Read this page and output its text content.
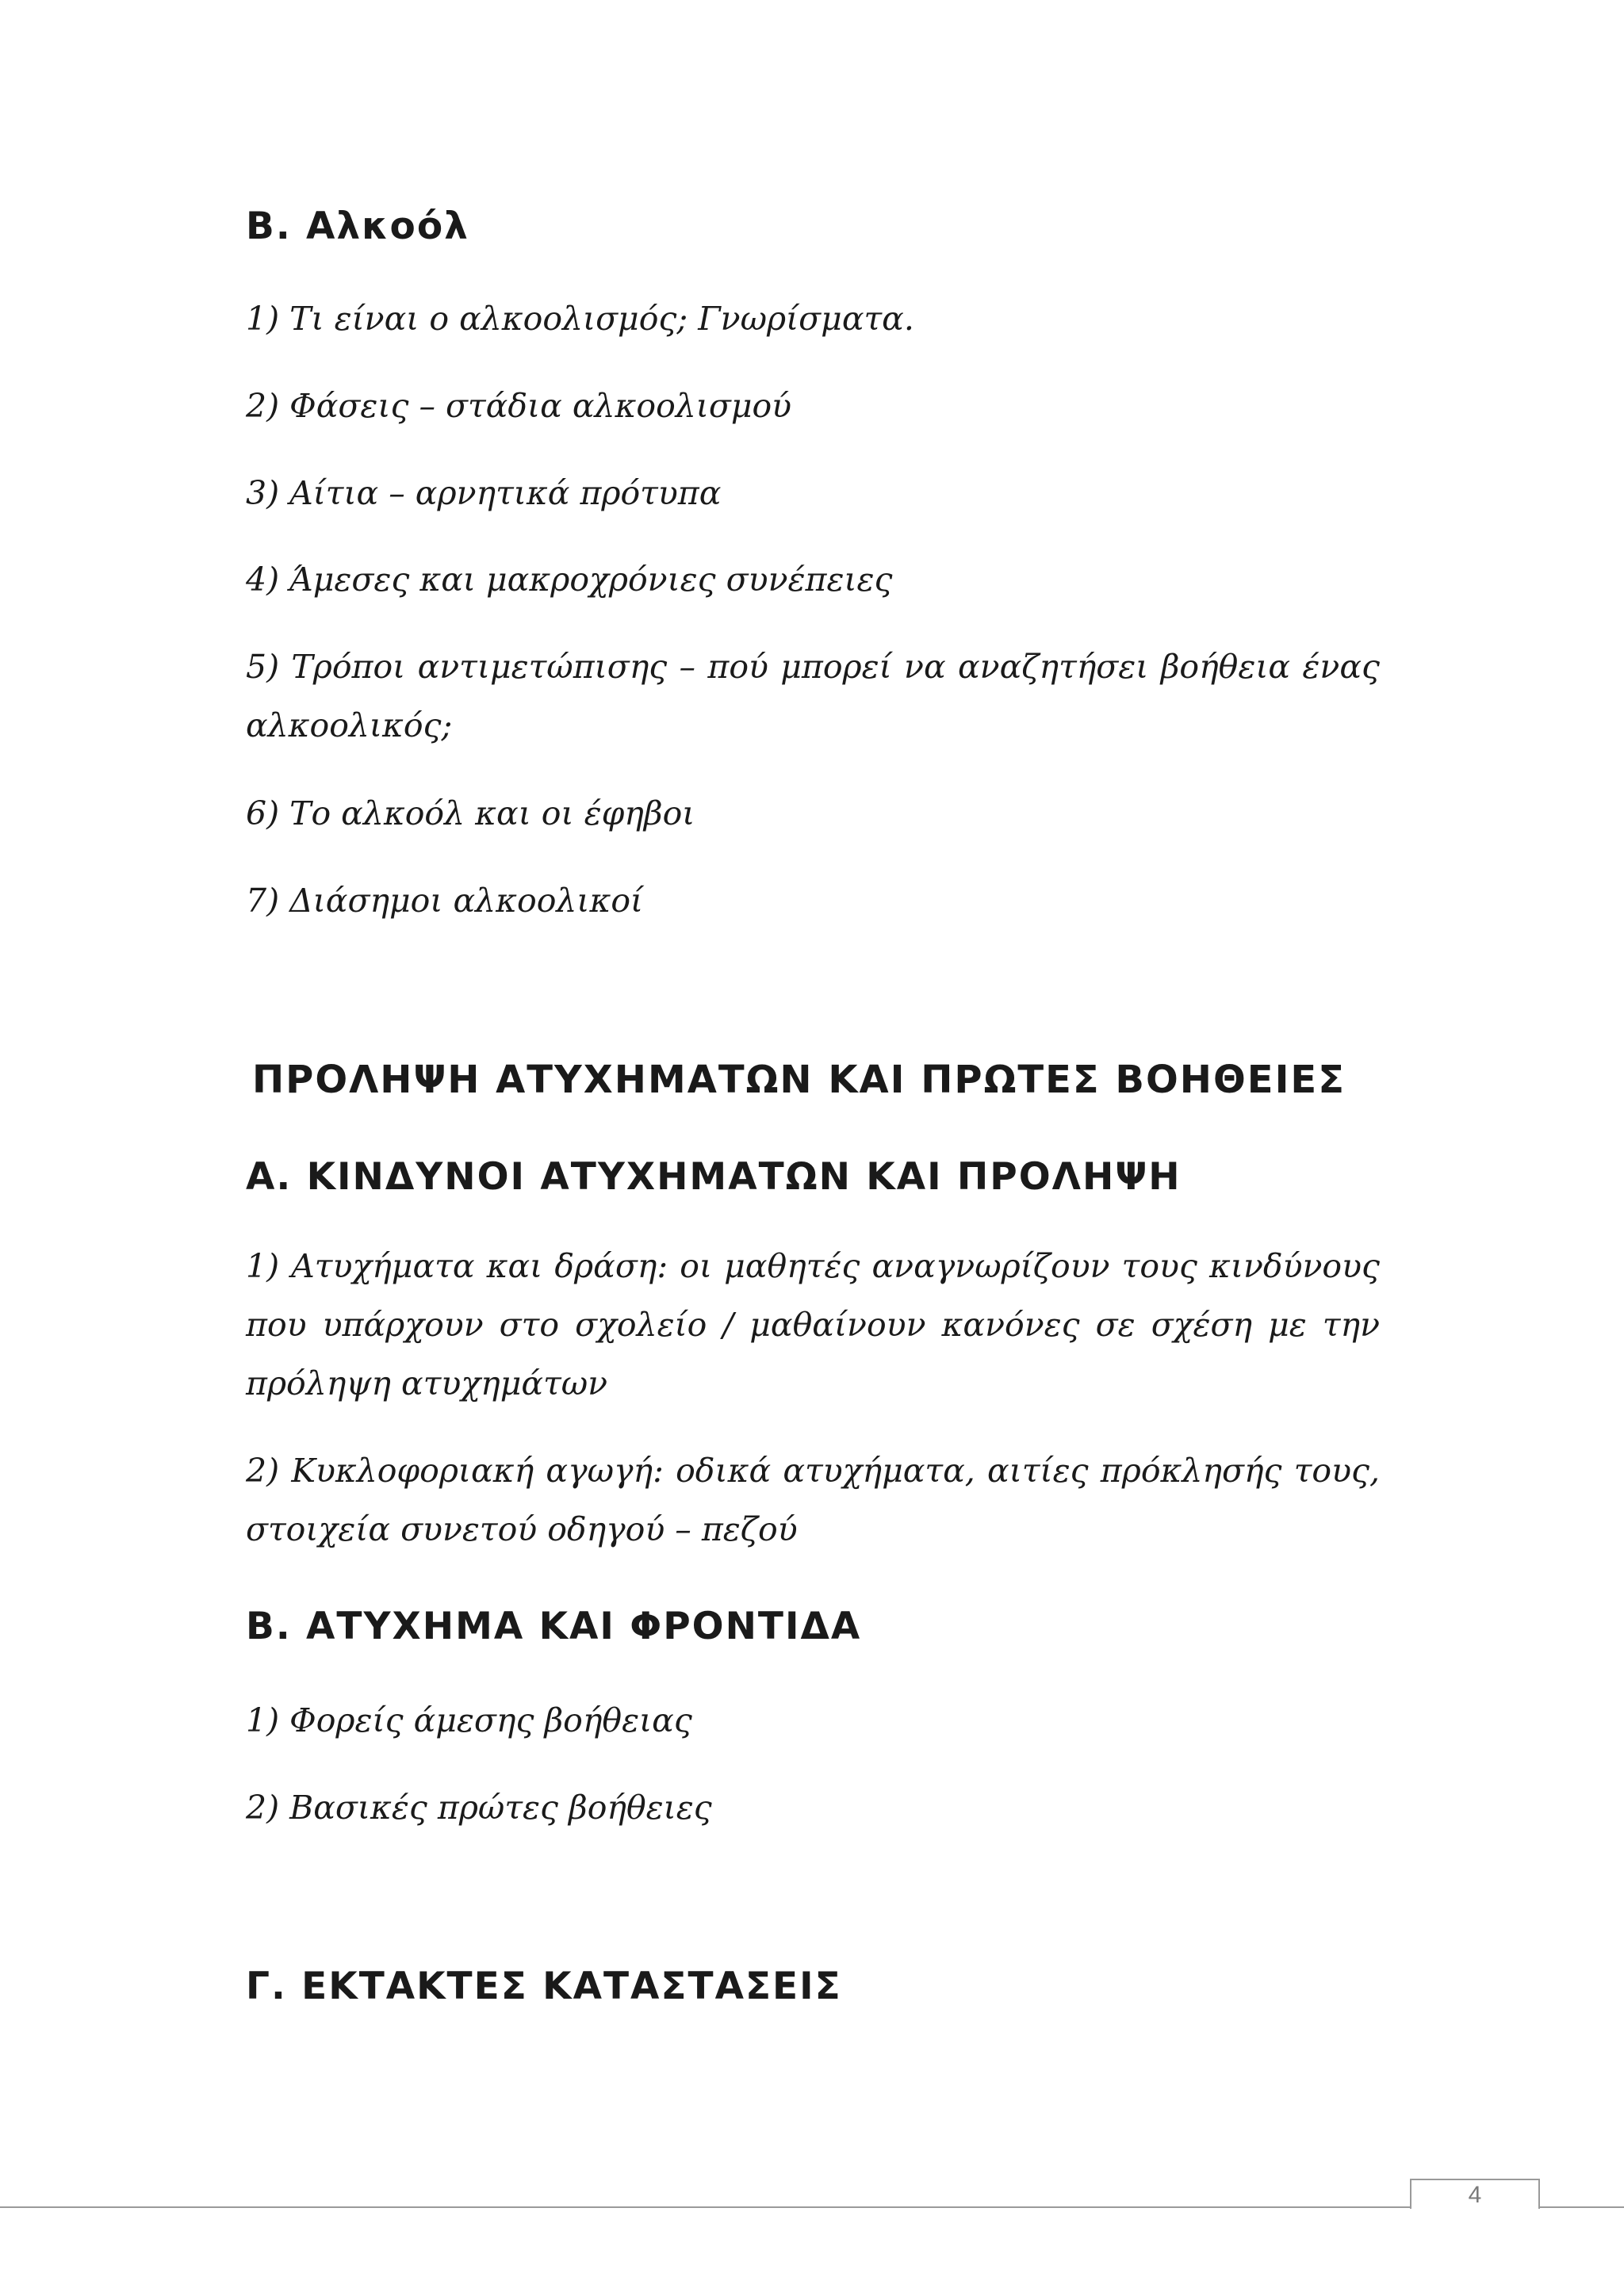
Β. Αλκοόλ

1) Τι είναι ο αλκοολισμός; Γνωρίσματα.

2) Φάσεις – στάδια αλκοολισμού

3) Αίτια – αρνητικά πρότυπα

4) Άμεσες και μακροχρόνιες συνέπειες

5) Τρόποι αντιμετώπισης – πού μπορεί να αναζητήσει βοήθεια ένας αλκοολικός;

6) Το αλκοόλ και οι έφηβοι

7) Διάσημοι αλκοολικοί

ΠΡΟΛΗΨΗ ΑΤΥΧΗΜΑΤΩΝ ΚΑΙ ΠΡΩΤΕΣ ΒΟΗΘΕΙΕΣ
Α. ΚΙΝΔΥΝΟΙ ΑΤΥΧΗΜΑΤΩΝ ΚΑΙ ΠΡΟΛΗΨΗ

1) Ατυχήματα και δράση: οι μαθητές αναγνωρίζουν τους κινδύνους που υπάρχουν στο σχολείο / μαθαίνουν κανόνες σε σχέση με την πρόληψη ατυχημάτων

2) Κυκλοφοριακή αγωγή: οδικά ατυχήματα, αιτίες πρόκλησής τους, στοιχεία συνετού οδηγού – πεζού

Β. ΑΤΥΧΗΜΑ ΚΑΙ ΦΡΟΝΤΙΔΑ

1) Φορείς άμεσης βοήθειας

2) Βασικές πρώτες βοήθειες

Γ. ΕΚΤΑΚΤΕΣ ΚΑΤΑΣΤΑΣΕΙΣ
4
